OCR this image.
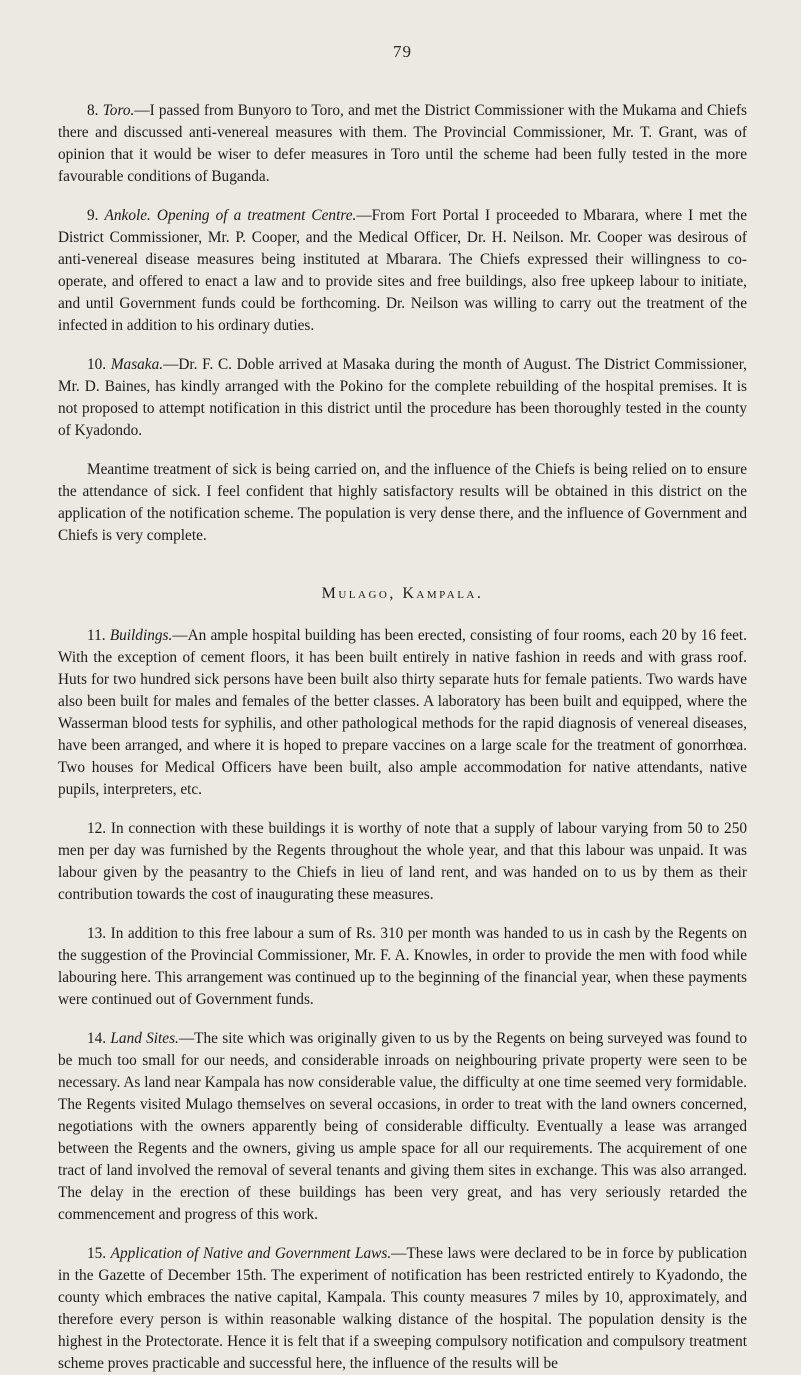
79

8. Toro.—I passed from Bunyoro to Toro, and met the District Commissioner with the Mukama and Chiefs there and discussed anti-venereal measures with them. The Provincial Commissioner, Mr. T. Grant, was of opinion that it would be wiser to defer measures in Toro until the scheme had been fully tested in the more favourable conditions of Buganda.

9. Ankole. Opening of a treatment Centre.—From Fort Portal I proceeded to Mbarara, where I met the District Commissioner, Mr. P. Cooper, and the Medical Officer, Dr. H. Neilson. Mr. Cooper was desirous of anti-venereal disease measures being instituted at Mbarara. The Chiefs expressed their willingness to co-operate, and offered to enact a law and to provide sites and free buildings, also free upkeep labour to initiate, and until Government funds could be forthcoming. Dr. Neilson was willing to carry out the treatment of the infected in addition to his ordinary duties.

10. Masaka.—Dr. F. C. Doble arrived at Masaka during the month of August. The District Commissioner, Mr. D. Baines, has kindly arranged with the Pokino for the complete rebuilding of the hospital premises. It is not proposed to attempt notification in this district until the procedure has been thoroughly tested in the county of Kyadondo.

Meantime treatment of sick is being carried on, and the influence of the Chiefs is being relied on to ensure the attendance of sick. I feel confident that highly satisfactory results will be obtained in this district on the application of the notification scheme. The population is very dense there, and the influence of Government and Chiefs is very complete.

Mulago, Kampala.

11. Buildings.—An ample hospital building has been erected, consisting of four rooms, each 20 by 16 feet. With the exception of cement floors, it has been built entirely in native fashion in reeds and with grass roof. Huts for two hundred sick persons have been built also thirty separate huts for female patients. Two wards have also been built for males and females of the better classes. A laboratory has been built and equipped, where the Wasserman blood tests for syphilis, and other pathological methods for the rapid diagnosis of venereal diseases, have been arranged, and where it is hoped to prepare vaccines on a large scale for the treatment of gonorrhœa. Two houses for Medical Officers have been built, also ample accommodation for native attendants, native pupils, interpreters, etc.

12. In connection with these buildings it is worthy of note that a supply of labour varying from 50 to 250 men per day was furnished by the Regents throughout the whole year, and that this labour was unpaid. It was labour given by the peasantry to the Chiefs in lieu of land rent, and was handed on to us by them as their contribution towards the cost of inaugurating these measures.

13. In addition to this free labour a sum of Rs. 310 per month was handed to us in cash by the Regents on the suggestion of the Provincial Commissioner, Mr. F. A. Knowles, in order to provide the men with food while labouring here. This arrangement was continued up to the beginning of the financial year, when these payments were continued out of Government funds.

14. Land Sites.—The site which was originally given to us by the Regents on being surveyed was found to be much too small for our needs, and considerable inroads on neighbouring private property were seen to be necessary. As land near Kampala has now considerable value, the difficulty at one time seemed very formidable. The Regents visited Mulago themselves on several occasions, in order to treat with the land owners concerned, negotiations with the owners apparently being of considerable difficulty. Eventually a lease was arranged between the Regents and the owners, giving us ample space for all our requirements. The acquirement of one tract of land involved the removal of several tenants and giving them sites in exchange. This was also arranged. The delay in the erection of these buildings has been very great, and has very seriously retarded the commencement and progress of this work.

15. Application of Native and Government Laws.—These laws were declared to be in force by publication in the Gazette of December 15th. The experiment of notification has been restricted entirely to Kyadondo, the county which embraces the native capital, Kampala. This county measures 7 miles by 10, approximately, and therefore every person is within reasonable walking distance of the hospital. The population density is the highest in the Protectorate. Hence it is felt that if a sweeping compulsory notification and compulsory treatment scheme proves practicable and successful here, the influence of the results will be
